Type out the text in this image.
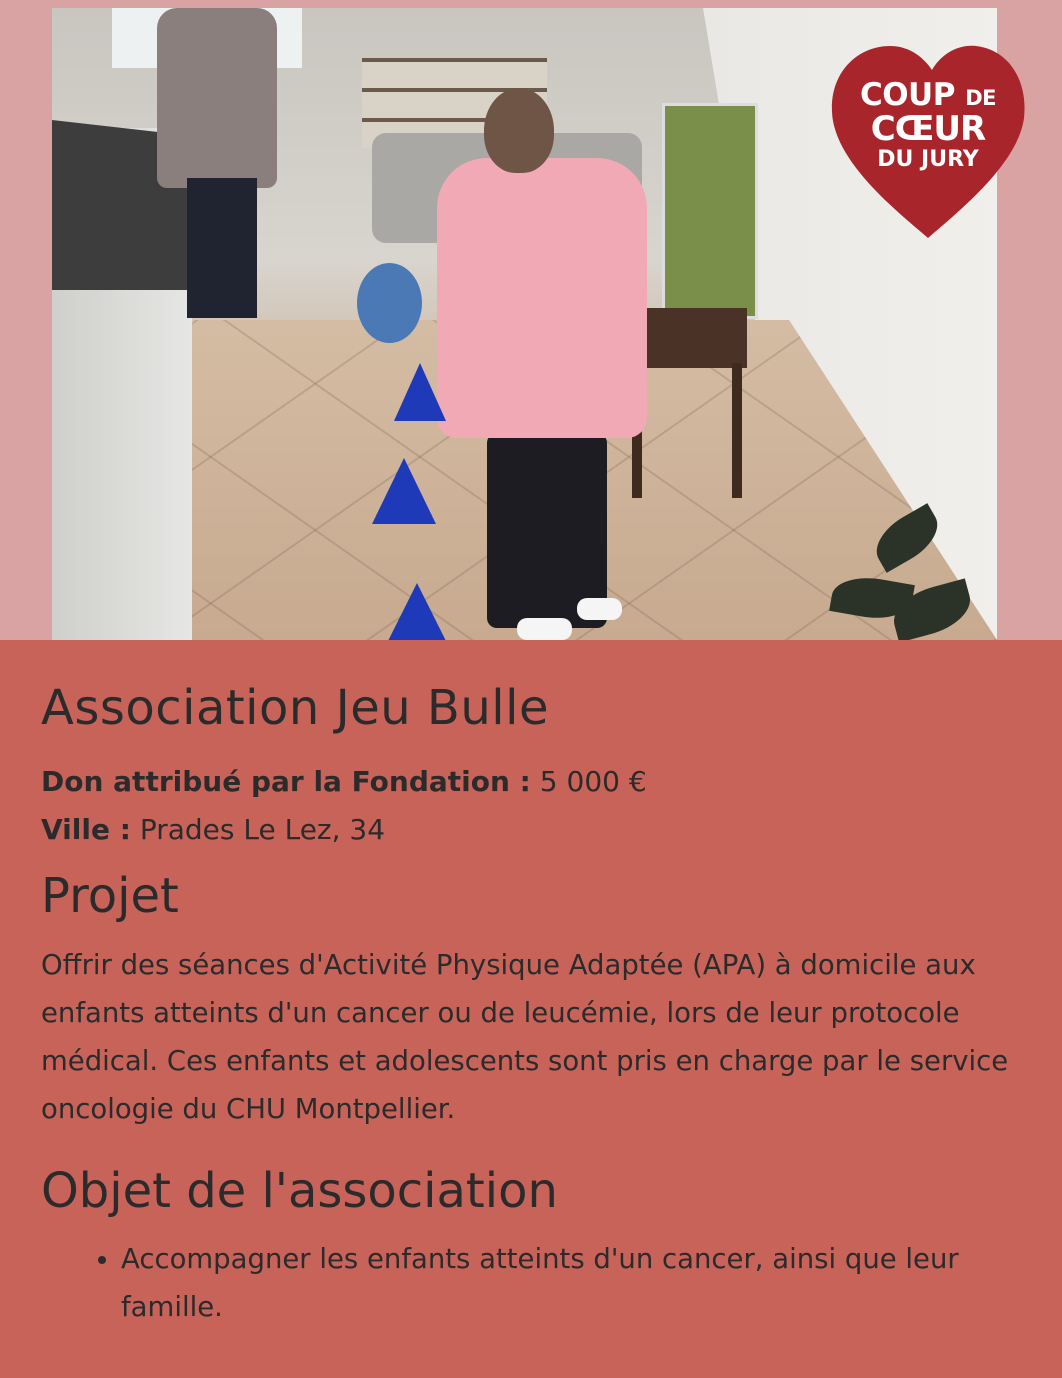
COUP DE
CŒUR
DU JURY
Association Jeu Bulle
Don attribué par la Fondation : 5 000 €
Ville : Prades Le Lez, 34
Projet

Offrir des séances d'Activité Physique Adaptée (APA) à domicile aux enfants atteints d'un cancer ou de leucémie, lors de leur protocole médical. Ces enfants et adolescents sont pris en charge par le service oncologie du CHU Montpellier.

Objet de l'association
• Accompagner les enfants atteints d'un cancer, ainsi que leur famille.
